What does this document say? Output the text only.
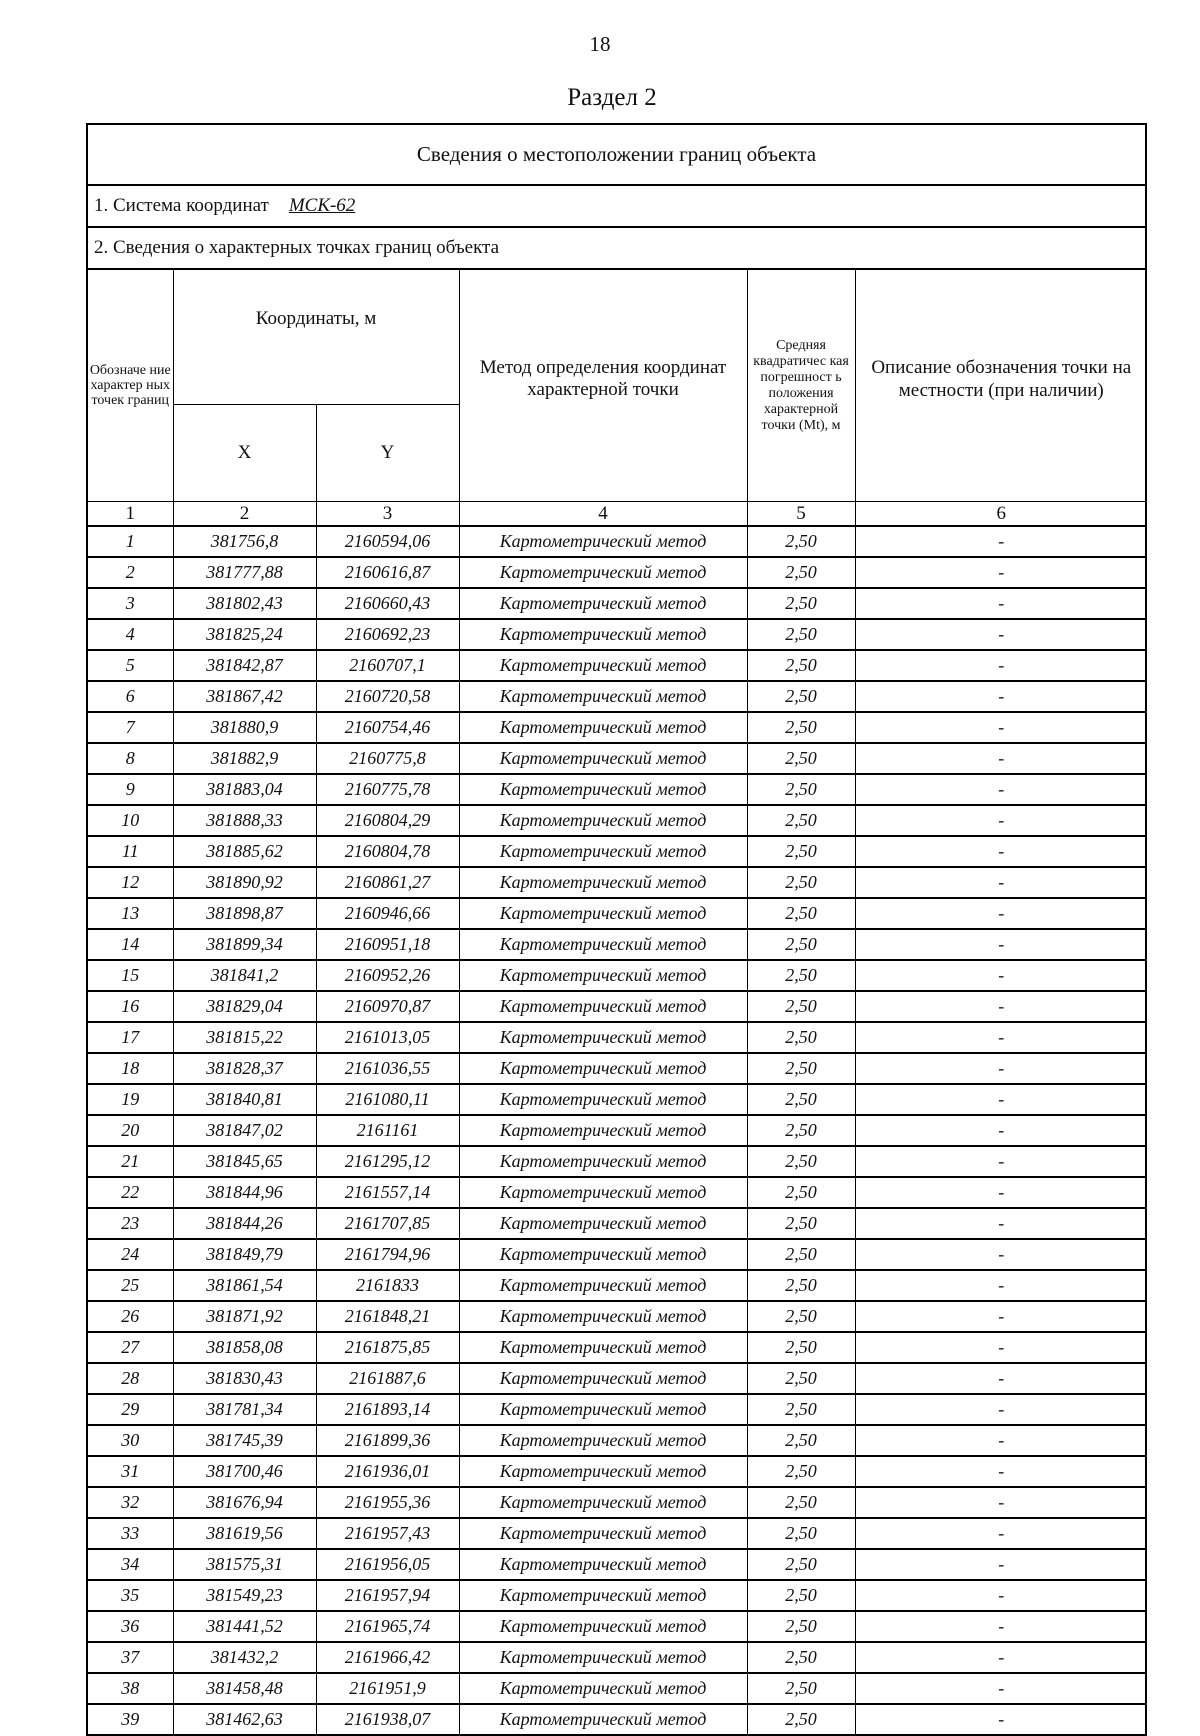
18
Раздел 2
Сведения о местоположении границ объекта
1. Система координат МСК-62
2. Сведения о характерных точках границ объекта
Обозначе ние характер ных точек границ	Координаты, м		Метод определения координат характерной точки	Средняя квадратичес кая погрешност ь положения характерной точки (Mt), м	Описание обозначения точки на местности (при наличии)
	X	Y			
1	2	3	4	5	6
1	381756,8	2160594,06	Картометрический метод	2,50	-
2	381777,88	2160616,87	Картометрический метод	2,50	-
3	381802,43	2160660,43	Картометрический метод	2,50	-
4	381825,24	2160692,23	Картометрический метод	2,50	-
5	381842,87	2160707,1	Картометрический метод	2,50	-
6	381867,42	2160720,58	Картометрический метод	2,50	-
7	381880,9	2160754,46	Картометрический метод	2,50	-
8	381882,9	2160775,8	Картометрический метод	2,50	-
9	381883,04	2160775,78	Картометрический метод	2,50	-
10	381888,33	2160804,29	Картометрический метод	2,50	-
11	381885,62	2160804,78	Картометрический метод	2,50	-
12	381890,92	2160861,27	Картометрический метод	2,50	-
13	381898,87	2160946,66	Картометрический метод	2,50	-
14	381899,34	2160951,18	Картометрический метод	2,50	-
15	381841,2	2160952,26	Картометрический метод	2,50	-
16	381829,04	2160970,87	Картометрический метод	2,50	-
17	381815,22	2161013,05	Картометрический метод	2,50	-
18	381828,37	2161036,55	Картометрический метод	2,50	-
19	381840,81	2161080,11	Картометрический метод	2,50	-
20	381847,02	2161161	Картометрический метод	2,50	-
21	381845,65	2161295,12	Картометрический метод	2,50	-
22	381844,96	2161557,14	Картометрический метод	2,50	-
23	381844,26	2161707,85	Картометрический метод	2,50	-
24	381849,79	2161794,96	Картометрический метод	2,50	-
25	381861,54	2161833	Картометрический метод	2,50	-
26	381871,92	2161848,21	Картометрический метод	2,50	-
27	381858,08	2161875,85	Картометрический метод	2,50	-
28	381830,43	2161887,6	Картометрический метод	2,50	-
29	381781,34	2161893,14	Картометрический метод	2,50	-
30	381745,39	2161899,36	Картометрический метод	2,50	-
31	381700,46	2161936,01	Картометрический метод	2,50	-
32	381676,94	2161955,36	Картометрический метод	2,50	-
33	381619,56	2161957,43	Картометрический метод	2,50	-
34	381575,31	2161956,05	Картометрический метод	2,50	-
35	381549,23	2161957,94	Картометрический метод	2,50	-
36	381441,52	2161965,74	Картометрический метод	2,50	-
37	381432,2	2161966,42	Картометрический метод	2,50	-
38	381458,48	2161951,9	Картометрический метод	2,50	-
39	381462,63	2161938,07	Картометрический метод	2,50	-
